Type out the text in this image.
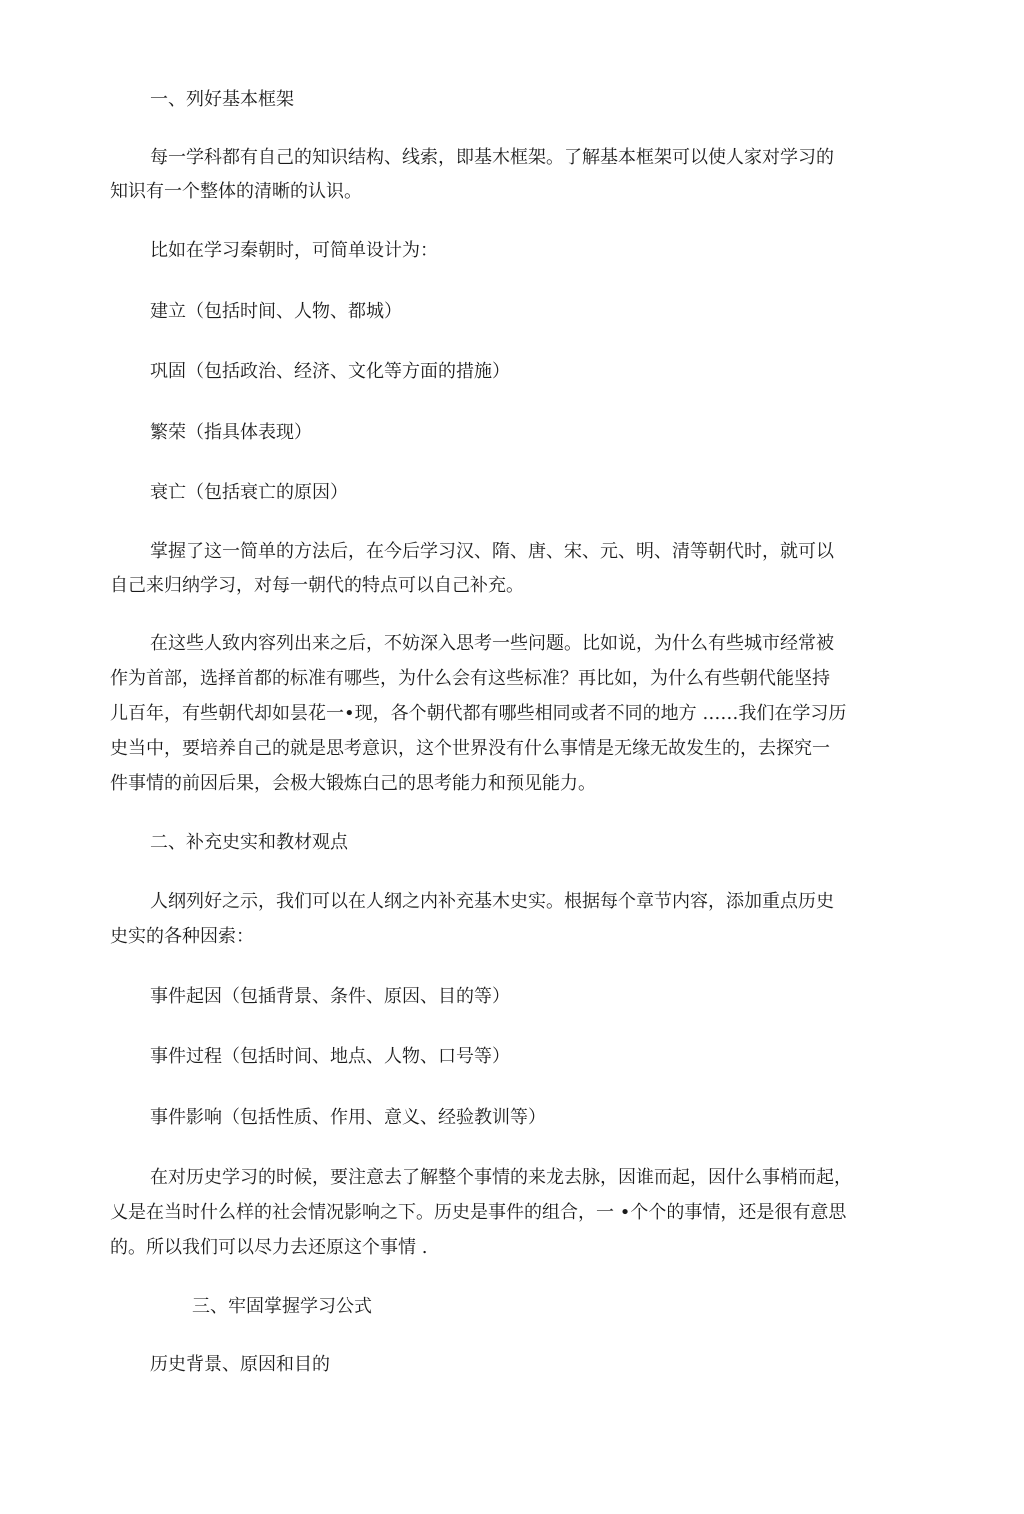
一、列好基本框架
每一学科都有自己的知识结构、线索，即基木框架。了解基本框架可以使人家对学习的
知识有一个整体的清晰的认识。
比如在学习秦朝时，可简单设计为：
建立（包括时间、人物、都城）
巩固（包括政治、经济、文化等方面的措施）
繁荣（指具体表现）
衰亡（包括衰亡的原因）
掌握了这一简单的方法后，在今后学习汉、隋、唐、宋、元、明、清等朝代时，就可以
自己来归纳学习，对每一朝代的特点可以自己补充。
在这些人致内容列出来之后，不妨深入思考一些问题。比如说，为什么有些城市经常被
作为首部，选择首都的标准有哪些，为什么会有这些标准？再比如，为什么有些朝代能坚持
儿百年，有些朝代却如昙花一•现，各个朝代都有哪些相同或者不同的地方 ……我们在学习历
史当中，要培养自己的就是思考意识，这个世界没有什么事情是无缘无故发生的，去探究一
件事情的前因后果，会极大锻炼白己的思考能力和预见能力。
二、补充史实和教材观点
人纲列好之示，我们可以在人纲之内补充基木史实。根据每个章节内容，添加重点历史
史实的各种因索：
事件起因（包插背景、条件、原因、目的等）
事件过程（包括时间、地点、人物、口号等）
事件影响（包括性质、作用、意义、经验教训等）
在对历史学习的时候，要注意去了解整个事情的来龙去脉，因谁而起，因什么事梢而起，
乂是在当时什么样的社会情况影响之下。历史是事件的组合，一 •个个的事情，还是很有意思
的。所以我们可以尽力去还原这个事情 .
三、牢固掌握学习公式
历史背景、原因和目的
